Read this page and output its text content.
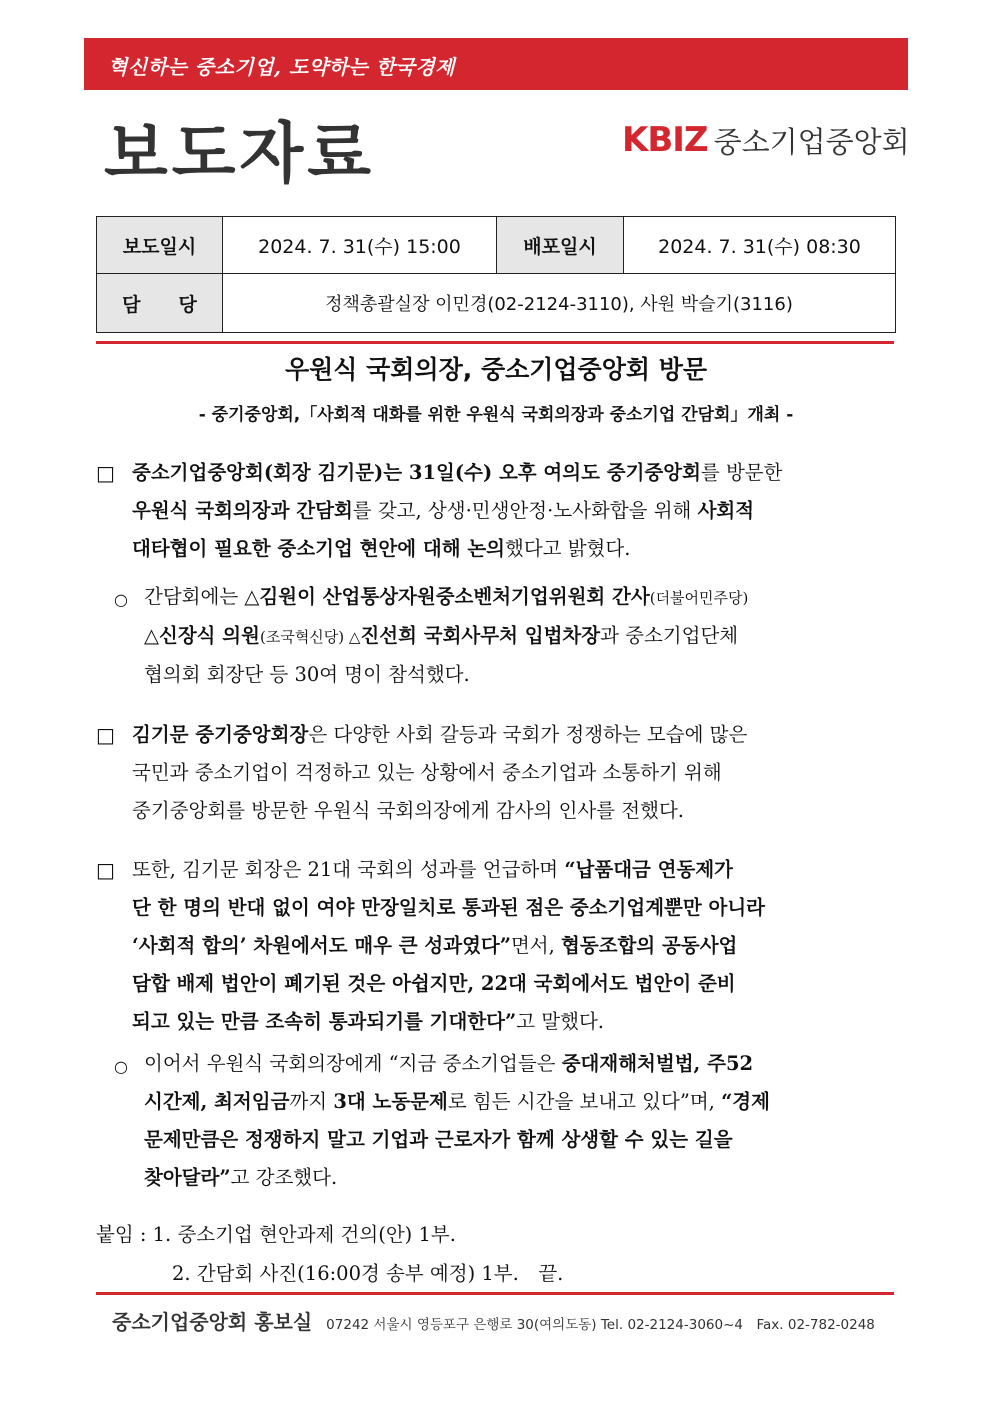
혁신하는 중소기업, 도약하는 한국경제
보도자료	KBIZ 중소기업중앙회
보도일시	2024. 7. 31(수) 15:00	배포일시	2024. 7. 31(수) 08:30
담　　당	정책총괄실장 이민경(02-2124-3110), 사원 박슬기(3116)		
우원식 국회의장, 중소기업중앙회 방문
- 중기중앙회,「사회적 대화를 위한 우원식 국회의장과 중소기업 간담회」개최 -
□ 중소기업중앙회(회장 김기문)는 31일(수) 오후 여의도 중기중앙회를 방문한
우원식 국회의장과 간담회를 갖고, 상생·민생안정·노사화합을 위해 사회적
대타협이 필요한 중소기업 현안에 대해 논의했다고 밝혔다.
○ 간담회에는 △김원이 산업통상자원중소벤처기업위원회 간사(더불어민주당)
△신장식 의원(조국혁신당) △진선희 국회사무처 입법차장과 중소기업단체
협의회 회장단 등 30여 명이 참석했다.
□ 김기문 중기중앙회장은 다양한 사회 갈등과 국회가 정쟁하는 모습에 많은
국민과 중소기업이 걱정하고 있는 상황에서 중소기업과 소통하기 위해
중기중앙회를 방문한 우원식 국회의장에게 감사의 인사를 전했다.
□ 또한, 김기문 회장은 21대 국회의 성과를 언급하며 “납품대금 연동제가
단 한 명의 반대 없이 여야 만장일치로 통과된 점은 중소기업계뿐만 아니라
‘사회적 합의’ 차원에서도 매우 큰 성과였다”면서, 협동조합의 공동사업
담합 배제 법안이 폐기된 것은 아쉽지만, 22대 국회에서도 법안이 준비
되고 있는 만큼 조속히 통과되기를 기대한다”고 말했다.
○ 이어서 우원식 국회의장에게 “지금 중소기업들은 중대재해처벌법, 주52
시간제, 최저임금까지 3대 노동문제로 힘든 시간을 보내고 있다”며, “경제
문제만큼은 정쟁하지 말고 기업과 근로자가 함께 상생할 수 있는 길을
찾아달라”고 강조했다.
붙임 : 1. 중소기업 현안과제 건의(안) 1부.
2. 간담회 사진(16:00경 송부 예정) 1부.　끝.
중소기업중앙회 홍보실 07242 서울시 영등포구 은행로 30(여의도동) Tel. 02-2124-3060~4　Fax. 02-782-0248
